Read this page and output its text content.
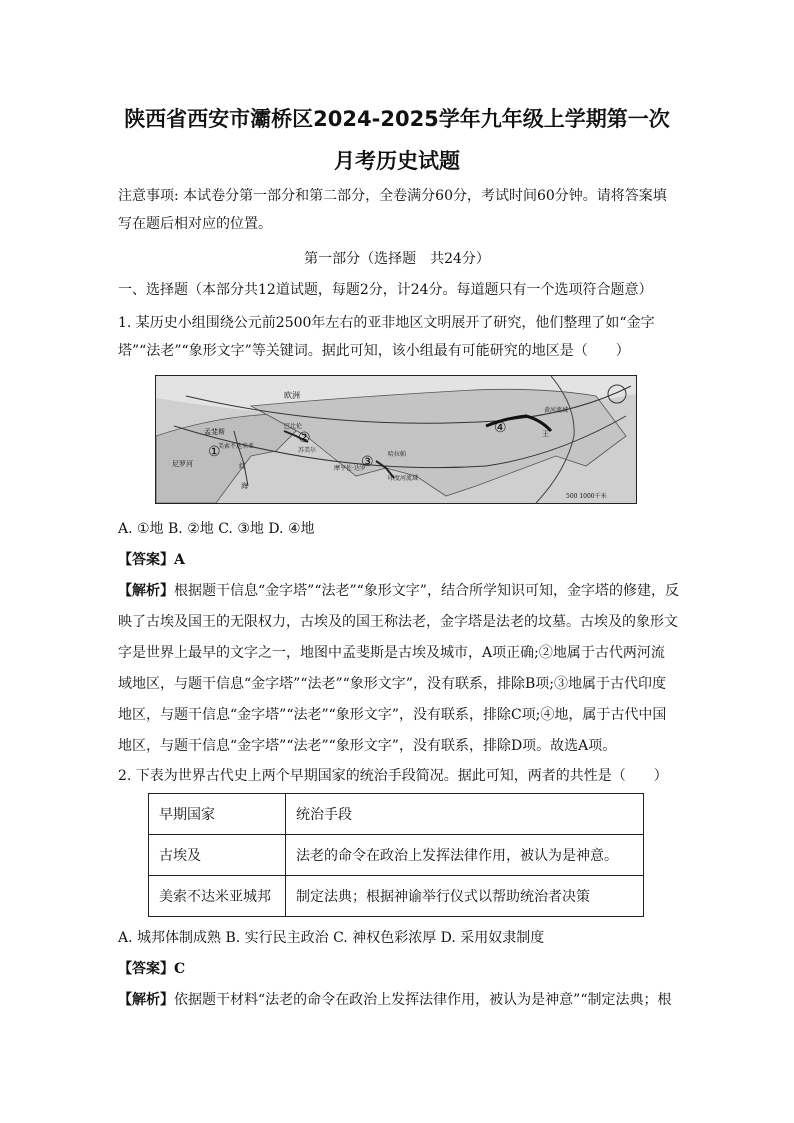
陕西省西安市灞桥区2024-2025学年九年级上学期第一次
月考历史试题
注意事项: 本试卷分第一部分和第二部分，全卷满分60分，考试时间60分钟。请将答案填
写在题后相对应的位置。
第一部分（选择题　共24分）
一、选择题（本部分共12道试题，每题2分，计24分。每道题只有一个选项符合题意）
1. 某历史小组围绕公元前2500年左右的亚非地区文明展开了研究，他们整理了如“金字
塔”“法老”“象形文字”等关键词。据此可知，该小组最有可能研究的地区是（　　）
欧洲
孟斐斯
美索不达米亚
巴比伦
苏美尔
尼罗河	红
海
摩亨佐·达罗
哈拉帕
印度河流域
黄河流域
王
500 1000千米
①
②
③
④
A. ①地 B. ②地 C. ③地 D. ④地
【答案】A
【解析】根据题干信息“金字塔”“法老”“象形文字”，结合所学知识可知，金字塔的修建，反
映了古埃及国王的无限权力，古埃及的国王称法老，金字塔是法老的坟墓。古埃及的象形文
字是世界上最早的文字之一，地图中孟斐斯是古埃及城市，A项正确;②地属于古代两河流
域地区，与题干信息“金字塔”“法老”“象形文字”，没有联系，排除B项;③地属于古代印度
地区，与题干信息“金字塔”“法老”“象形文字”，没有联系，排除C项;④地，属于古代中国
地区，与题干信息“金字塔”“法老”“象形文字”，没有联系，排除D项。故选A项。
2. 下表为世界古代史上两个早期国家的统治手段简况。据此可知，两者的共性是（　　）
早期国家	统治手段
古埃及	法老的命令在政治上发挥法律作用，被认为是神意。
美索不达米亚城邦	制定法典；根据神谕举行仪式以帮助统治者决策
A. 城邦体制成熟 B. 实行民主政治 C. 神权色彩浓厚 D. 采用奴隶制度
【答案】C
【解析】依据题干材料“法老的命令在政治上发挥法律作用，被认为是神意”“制定法典；根
